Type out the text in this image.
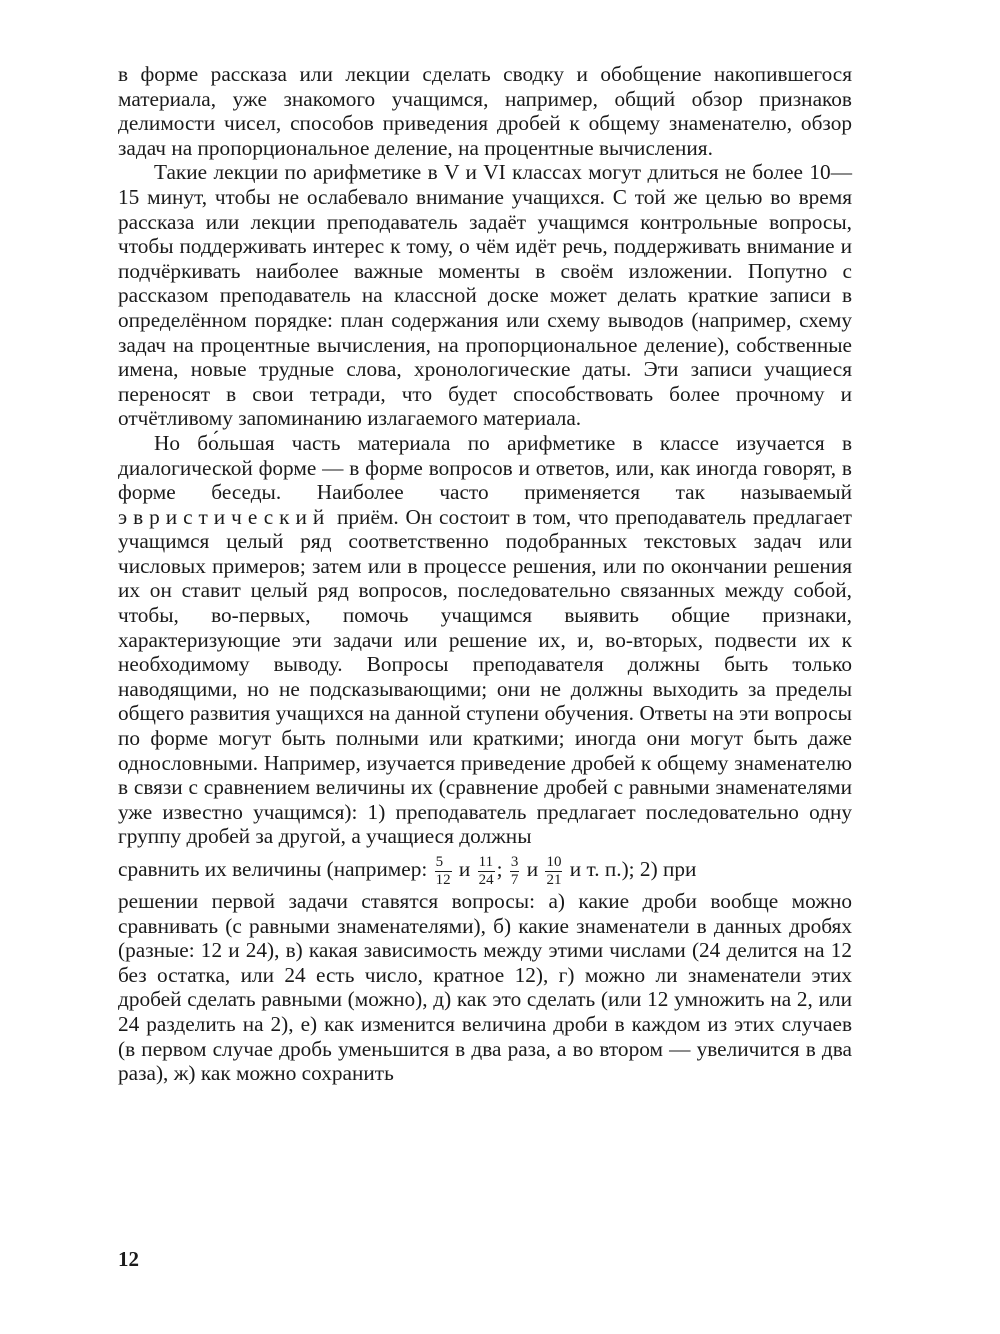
в форме рассказа или лекции сделать сводку и обобщение накопившегося материала, уже знакомого учащимся, например, общий обзор признаков делимости чисел, способов приведения дробей к общему знаменателю, обзор задач на пропорциональное деление, на процентные вычисления.

Такие лекции по арифметике в V и VI классах могут длиться не более 10—15 минут, чтобы не ослабевало внимание учащихся. С той же целью во время рассказа или лекции преподаватель задаёт учащимся контрольные вопросы, чтобы поддерживать интерес к тому, о чём идёт речь, поддерживать внимание и подчёркивать наиболее важные моменты в своём изложении. Попутно с рассказом преподаватель на классной доске может делать краткие записи в определённом порядке: план содержания или схему выводов (например, схему задач на процентные вычисления, на пропорциональное деление), собственные имена, новые трудные слова, хронологические даты. Эти записи учащиеся переносят в свои тетради, что будет способствовать более прочному и отчётливому запоминанию излагаемого материала.

Но бо́льшая часть материала по арифметике в классе изучается в диалогической форме — в форме вопросов и ответов, или, как иногда говорят, в форме беседы. Наиболее часто применяется так называемый эвристический приём. Он состоит в том, что преподаватель предлагает учащимся целый ряд соответственно подобранных текстовых задач или числовых примеров; затем или в процессе решения, или по окончании решения их он ставит целый ряд вопросов, последовательно связанных между собой, чтобы, во-первых, помочь учащимся выявить общие признаки, характеризующие эти задачи или решение их, и, во-вторых, подвести их к необходимому выводу. Вопросы преподавателя должны быть только наводящими, но не подсказывающими; они не должны выходить за пределы общего развития учащихся на данной ступени обучения. Ответы на эти вопросы по форме могут быть полными или краткими; иногда они могут быть даже однословными. Например, изучается приведение дробей к общему знаменателю в связи с сравнением величины их (сравнение дробей с равными знаменателями уже известно учащимся): 1) преподаватель предлагает последовательно одну группу дробей за другой, а учащиеся должны

сравнить их величины (например: $\frac{5}{12}$ и $\frac{11}{24}$ ; $\frac{3}{7}$ и $\frac{10}{21}$ и т. п.); 2) при

решении первой задачи ставятся вопросы: а) какие дроби вообще можно сравнивать (с равными знаменателями), б) какие знаменатели в данных дробях (разные: 12 и 24), в) какая зависимость между этими числами (24 делится на 12 без остатка, или 24 есть число, кратное 12), г) можно ли знаменатели этих дробей сделать равными (можно), д) как это сделать (или 12 умножить на 2, или 24 разделить на 2), е) как изменится величина дроби в каждом из этих случаев (в первом случае дробь уменьшится в два раза, а во втором — увеличится в два раза), ж) как можно сохранить

12
